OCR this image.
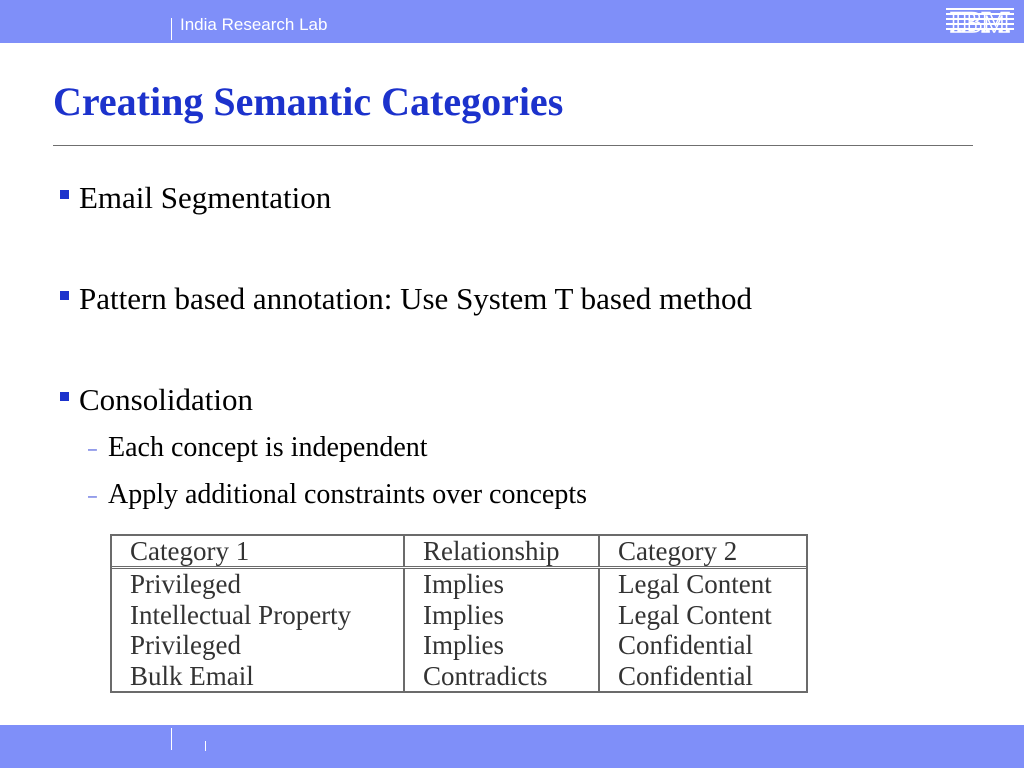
India Research Lab	IBM
Creating Semantic Categories
Email Segmentation
Pattern based annotation: Use System T based method
Consolidation
– Each concept is independent
– Apply additional constraints over concepts
Category 1	Relationship	Category 2
Privileged	Implies	Legal Content
Intellectual Property	Implies	Legal Content
Privileged	Implies	Confidential
Bulk Email	Contradicts	Confidential
